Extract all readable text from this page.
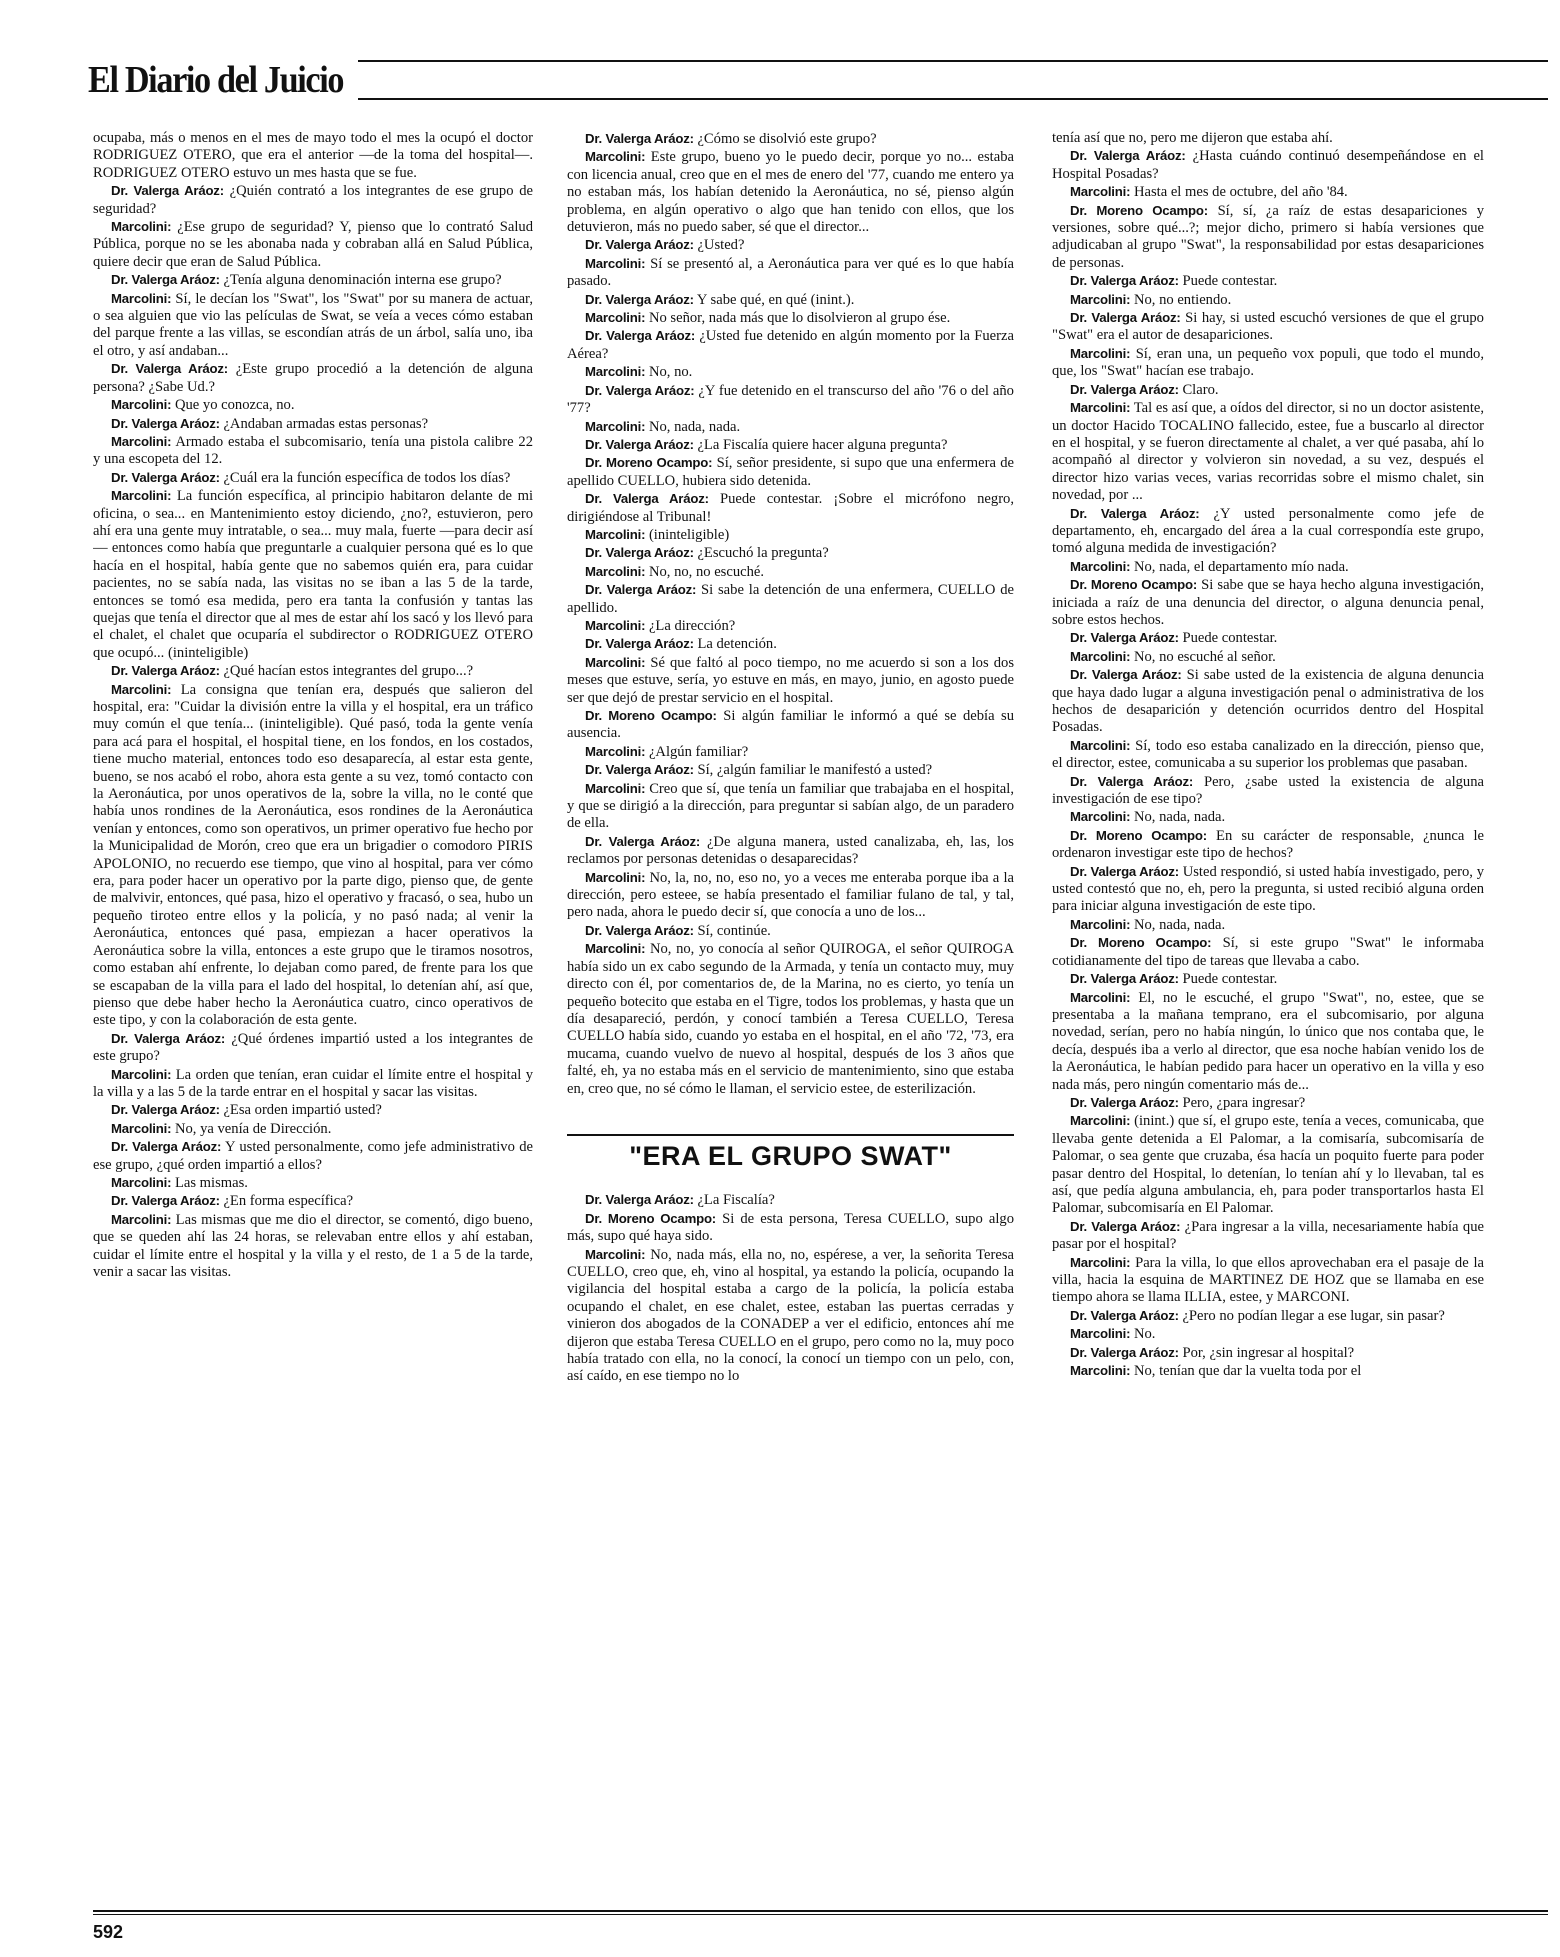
El Diario del Juicio

ocupaba, más o menos en el mes de mayo todo el mes la ocupó el doctor RODRIGUEZ OTERO, que era el anterior —de la toma del hospital—. RODRIGUEZ OTERO estuvo un mes hasta que se fue.

Dr. Valerga Aráoz: ¿Quién contrató a los integrantes de ese grupo de seguridad?

Marcolini: ¿Ese grupo de seguridad? Y, pienso que lo contrató Salud Pública, porque no se les abonaba nada y cobraban allá en Salud Pública, quiere decir que eran de Salud Pública.

Dr. Valerga Aráoz: ¿Tenía alguna denominación interna ese grupo?

Marcolini: Sí, le decían los "Swat", los "Swat" por su manera de actuar, o sea alguien que vio las películas de Swat, se veía a veces cómo estaban del parque frente a las villas, se escondían atrás de un árbol, salía uno, iba el otro, y así andaban...

Dr. Valerga Aráoz: ¿Este grupo procedió a la detención de alguna persona? ¿Sabe Ud.?

Marcolini: Que yo conozca, no.

Dr. Valerga Aráoz: ¿Andaban armadas estas personas?

Marcolini: Armado estaba el subcomisario, tenía una pistola calibre 22 y una escopeta del 12.

Dr. Valerga Aráoz: ¿Cuál era la función específica de todos los días?

Marcolini: La función específica, al principio habitaron delante de mi oficina, o sea... en Mantenimiento estoy diciendo, ¿no?, estuvieron, pero ahí era una gente muy intratable, o sea... muy mala, fuerte —para decir así— entonces como había que preguntarle a cualquier persona qué es lo que hacía en el hospital, había gente que no sabemos quién era, para cuidar pacientes, no se sabía nada, las visitas no se iban a las 5 de la tarde, entonces se tomó esa medida, pero era tanta la confusión y tantas las quejas que tenía el director que al mes de estar ahí los sacó y los llevó para el chalet, el chalet que ocuparía el subdirector o RODRIGUEZ OTERO que ocupó... (ininteligible)

Dr. Valerga Aráoz: ¿Qué hacían estos integrantes del grupo...?

Marcolini: La consigna que tenían era, después que salieron del hospital, era: "Cuidar la división entre la villa y el hospital, era un tráfico muy común el que tenía... (ininteligible). Qué pasó, toda la gente venía para acá para el hospital, el hospital tiene, en los fondos, en los costados, tiene mucho material, entonces todo eso desaparecía, al estar esta gente, bueno, se nos acabó el robo, ahora esta gente a su vez, tomó contacto con la Aeronáutica, por unos operativos de la, sobre la villa, no le conté que había unos rondines de la Aeronáutica, esos rondines de la Aeronáutica venían y entonces, como son operativos, un primer operativo fue hecho por la Municipalidad de Morón, creo que era un brigadier o comodoro PIRIS APOLONIO, no recuerdo ese tiempo, que vino al hospital, para ver cómo era, para poder hacer un operativo por la parte digo, pienso que, de gente de malvivir, entonces, qué pasa, hizo el operativo y fracasó, o sea, hubo un pequeño tiroteo entre ellos y la policía, y no pasó nada; al venir la Aeronáutica, entonces qué pasa, empiezan a hacer operativos la Aeronáutica sobre la villa, entonces a este grupo que le tiramos nosotros, como estaban ahí enfrente, lo dejaban como pared, de frente para los que se escapaban de la villa para el lado del hospital, lo detenían ahí, así que, pienso que debe haber hecho la Aeronáutica cuatro, cinco operativos de este tipo, y con la colaboración de esta gente.

Dr. Valerga Aráoz: ¿Qué órdenes impartió usted a los integrantes de este grupo?

Marcolini: La orden que tenían, eran cuidar el límite entre el hospital y la villa y a las 5 de la tarde entrar en el hospital y sacar las visitas.

Dr. Valerga Aráoz: ¿Esa orden impartió usted?

Marcolini: No, ya venía de Dirección.

Dr. Valerga Aráoz: Y usted personalmente, como jefe administrativo de ese grupo, ¿qué orden impartió a ellos?

Marcolini: Las mismas.

Dr. Valerga Aráoz: ¿En forma específica?

Marcolini: Las mismas que me dio el director, se comentó, digo bueno, que se queden ahí las 24 horas, se relevaban entre ellos y ahí estaban, cuidar el límite entre el hospital y la villa y el resto, de 1 a 5 de la tarde, venir a sacar las visitas.

Dr. Valerga Aráoz: ¿Cómo se disolvió este grupo?

Marcolini: Este grupo, bueno yo le puedo decir, porque yo no... estaba con licencia anual, creo que en el mes de enero del '77, cuando me entero ya no estaban más, los habían detenido la Aeronáutica, no sé, pienso algún problema, en algún operativo o algo que han tenido con ellos, que los detuvieron, más no puedo saber, sé que el director...

Dr. Valerga Aráoz: ¿Usted?

Marcolini: Sí se presentó al, a Aeronáutica para ver qué es lo que había pasado.

Dr. Valerga Aráoz: Y sabe qué, en qué (inint.).

Marcolini: No señor, nada más que lo disolvieron al grupo ése.

Dr. Valerga Aráoz: ¿Usted fue detenido en algún momento por la Fuerza Aérea?

Marcolini: No, no.

Dr. Valerga Aráoz: ¿Y fue detenido en el transcurso del año '76 o del año '77?

Marcolini: No, nada, nada.

Dr. Valerga Aráoz: ¿La Fiscalía quiere hacer alguna pregunta?

Dr. Moreno Ocampo: Sí, señor presidente, si supo que una enfermera de apellido CUELLO, hubiera sido detenida.

Dr. Valerga Aráoz: Puede contestar. ¡Sobre el micrófono negro, dirigiéndose al Tribunal!

Marcolini: (ininteligible)

Dr. Valerga Aráoz: ¿Escuchó la pregunta?

Marcolini: No, no, no escuché.

Dr. Valerga Aráoz: Si sabe la detención de una enfermera, CUELLO de apellido.

Marcolini: ¿La dirección?

Dr. Valerga Aráoz: La detención.

Marcolini: Sé que faltó al poco tiempo, no me acuerdo si son a los dos meses que estuve, sería, yo estuve en más, en mayo, junio, en agosto puede ser que dejó de prestar servicio en el hospital.

Dr. Moreno Ocampo: Si algún familiar le informó a qué se debía su ausencia.

Marcolini: ¿Algún familiar?

Dr. Valerga Aráoz: Sí, ¿algún familiar le manifestó a usted?

Marcolini: Creo que sí, que tenía un familiar que trabajaba en el hospital, y que se dirigió a la dirección, para preguntar si sabían algo, de un paradero de ella.

Dr. Valerga Aráoz: ¿De alguna manera, usted canalizaba, eh, las, los reclamos por personas detenidas o desaparecidas?

Marcolini: No, la, no, no, eso no, yo a veces me enteraba porque iba a la dirección, pero esteee, se había presentado el familiar fulano de tal, y tal, pero nada, ahora le puedo decir sí, que conocía a uno de los...

Dr. Valerga Aráoz: Sí, continúe.

Marcolini: No, no, yo conocía al señor QUIROGA, el señor QUIROGA había sido un ex cabo segundo de la Armada, y tenía un contacto muy, muy directo con él, por comentarios de, de la Marina, no es cierto, yo tenía un pequeño botecito que estaba en el Tigre, todos los problemas, y hasta que un día desapareció, perdón, y conocí también a Teresa CUELLO, Teresa CUELLO había sido, cuando yo estaba en el hospital, en el año '72, '73, era mucama, cuando vuelvo de nuevo al hospital, después de los 3 años que falté, eh, ya no estaba más en el servicio de mantenimiento, sino que estaba en, creo que, no sé cómo le llaman, el servicio estee, de esterilización.

"ERA EL GRUPO SWAT"

Dr. Valerga Aráoz: ¿La Fiscalía?

Dr. Moreno Ocampo: Si de esta persona, Teresa CUELLO, supo algo más, supo qué haya sido.

Marcolini: No, nada más, ella no, no, espérese, a ver, la señorita Teresa CUELLO, creo que, eh, vino al hospital, ya estando la policía, ocupando la vigilancia del hospital estaba a cargo de la policía, la policía estaba ocupando el chalet, en ese chalet, estee, estaban las puertas cerradas y vinieron dos abogados de la CONADEP a ver el edificio, entonces ahí me dijeron que estaba Teresa CUELLO en el grupo, pero como no la, muy poco había tratado con ella, no la conocí, la conocí un tiempo con un pelo, con, así caído, en ese tiempo no lo

tenía así que no, pero me dijeron que estaba ahí.

Dr. Valerga Aráoz: ¿Hasta cuándo continuó desempeñándose en el Hospital Posadas?

Marcolini: Hasta el mes de octubre, del año '84.

Dr. Moreno Ocampo: Sí, sí, ¿a raíz de estas desapariciones y versiones, sobre qué...?; mejor dicho, primero si había versiones que adjudicaban al grupo "Swat", la responsabilidad por estas desapariciones de personas.

Dr. Valerga Aráoz: Puede contestar.

Marcolini: No, no entiendo.

Dr. Valerga Aráoz: Si hay, si usted escuchó versiones de que el grupo "Swat" era el autor de desapariciones.

Marcolini: Sí, eran una, un pequeño vox populi, que todo el mundo, que, los "Swat" hacían ese trabajo.

Dr. Valerga Aráoz: Claro.

Marcolini: Tal es así que, a oídos del director, si no un doctor asistente, un doctor Hacido TOCALINO fallecido, estee, fue a buscarlo al director en el hospital, y se fueron directamente al chalet, a ver qué pasaba, ahí lo acompañó al director y volvieron sin novedad, a su vez, después el director hizo varias veces, varias recorridas sobre el mismo chalet, sin novedad, por ...

Dr. Valerga Aráoz: ¿Y usted personalmente como jefe de departamento, eh, encargado del área a la cual correspondía este grupo, tomó alguna medida de investigación?

Marcolini: No, nada, el departamento mío nada.

Dr. Moreno Ocampo: Si sabe que se haya hecho alguna investigación, iniciada a raíz de una denuncia del director, o alguna denuncia penal, sobre estos hechos.

Dr. Valerga Aráoz: Puede contestar.

Marcolini: No, no escuché al señor.

Dr. Valerga Aráoz: Si sabe usted de la existencia de alguna denuncia que haya dado lugar a alguna investigación penal o administrativa de los hechos de desaparición y detención ocurridos dentro del Hospital Posadas.

Marcolini: Sí, todo eso estaba canalizado en la dirección, pienso que, el director, estee, comunicaba a su superior los problemas que pasaban.

Dr. Valerga Aráoz: Pero, ¿sabe usted la existencia de alguna investigación de ese tipo?

Marcolini: No, nada, nada.

Dr. Moreno Ocampo: En su carácter de responsable, ¿nunca le ordenaron investigar este tipo de hechos?

Dr. Valerga Aráoz: Usted respondió, si usted había investigado, pero, y usted contestó que no, eh, pero la pregunta, si usted recibió alguna orden para iniciar alguna investigación de este tipo.

Marcolini: No, nada, nada.

Dr. Moreno Ocampo: Sí, si este grupo "Swat" le informaba cotidianamente del tipo de tareas que llevaba a cabo.

Dr. Valerga Aráoz: Puede contestar.

Marcolini: El, no le escuché, el grupo "Swat", no, estee, que se presentaba a la mañana temprano, era el subcomisario, por alguna novedad, serían, pero no había ningún, lo único que nos contaba que, le decía, después iba a verlo al director, que esa noche habían venido los de la Aeronáutica, le habían pedido para hacer un operativo en la villa y eso nada más, pero ningún comentario más de...

Dr. Valerga Aráoz: Pero, ¿para ingresar?

Marcolini: (inint.) que sí, el grupo este, tenía a veces, comunicaba, que llevaba gente detenida a El Palomar, a la comisaría, subcomisaría de Palomar, o sea gente que cruzaba, ésa hacía un poquito fuerte para poder pasar dentro del Hospital, lo detenían, lo tenían ahí y lo llevaban, tal es así, que pedía alguna ambulancia, eh, para poder transportarlos hasta El Palomar, subcomisaría en El Palomar.

Dr. Valerga Aráoz: ¿Para ingresar a la villa, necesariamente había que pasar por el hospital?

Marcolini: Para la villa, lo que ellos aprovechaban era el pasaje de la villa, hacia la esquina de MARTINEZ DE HOZ que se llamaba en ese tiempo ahora se llama ILLIA, estee, y MARCONI.

Dr. Valerga Aráoz: ¿Pero no podían llegar a ese lugar, sin pasar?

Marcolini: No.

Dr. Valerga Aráoz: Por, ¿sin ingresar al hospital?

Marcolini: No, tenían que dar la vuelta toda por el

592
